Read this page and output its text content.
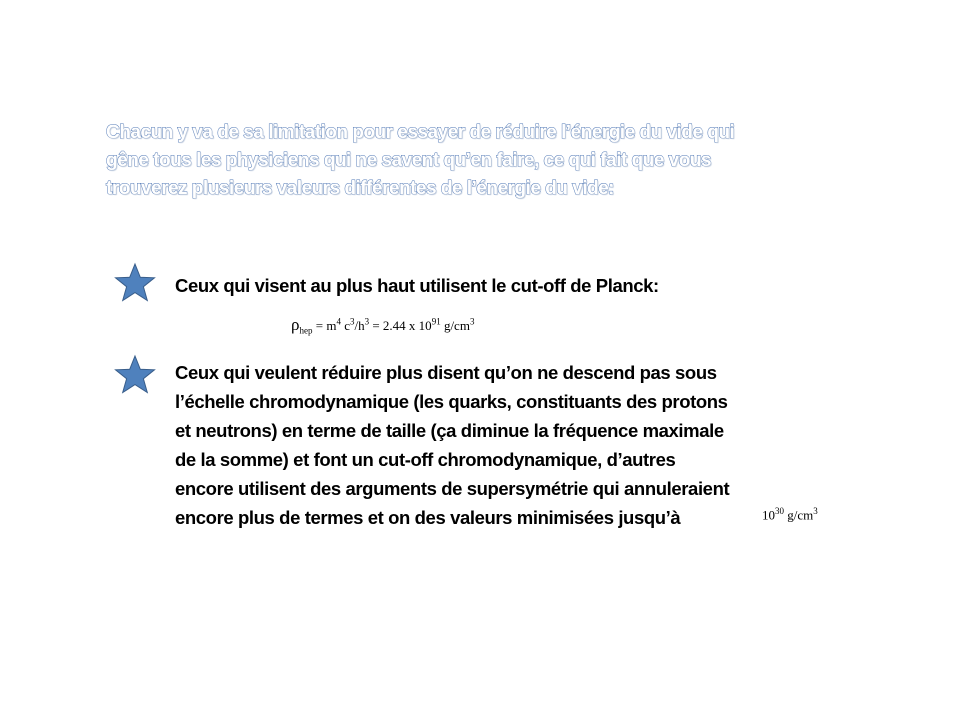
Chacun y va de sa limitation pour essayer de réduire l’énergie du vide qui
gêne tous les physiciens qui ne savent qu’en faire, ce qui fait que vous
trouverez plusieurs valeurs différentes de l’énergie du vide:

Ceux qui visent au plus haut utilisent le cut-off de Planck:

$\rho_{hep} = m^4$ $c^3/h^3 = 2.44$ x $10^{91}$ $g/cm^3$

Ceux qui veulent réduire plus disent qu’on ne descend pas sous
l’échelle chromodynamique (les quarks, constituants des protons
et neutrons) en terme de taille (ça diminue la fréquence maximale
de la somme) et font un cut-off chromodynamique, d’autres
encore utilisent des arguments de supersymétrie qui annuleraient
encore plus de termes et on des valeurs minimisées jusqu’à	$10^{30}$ $g/cm^3$
